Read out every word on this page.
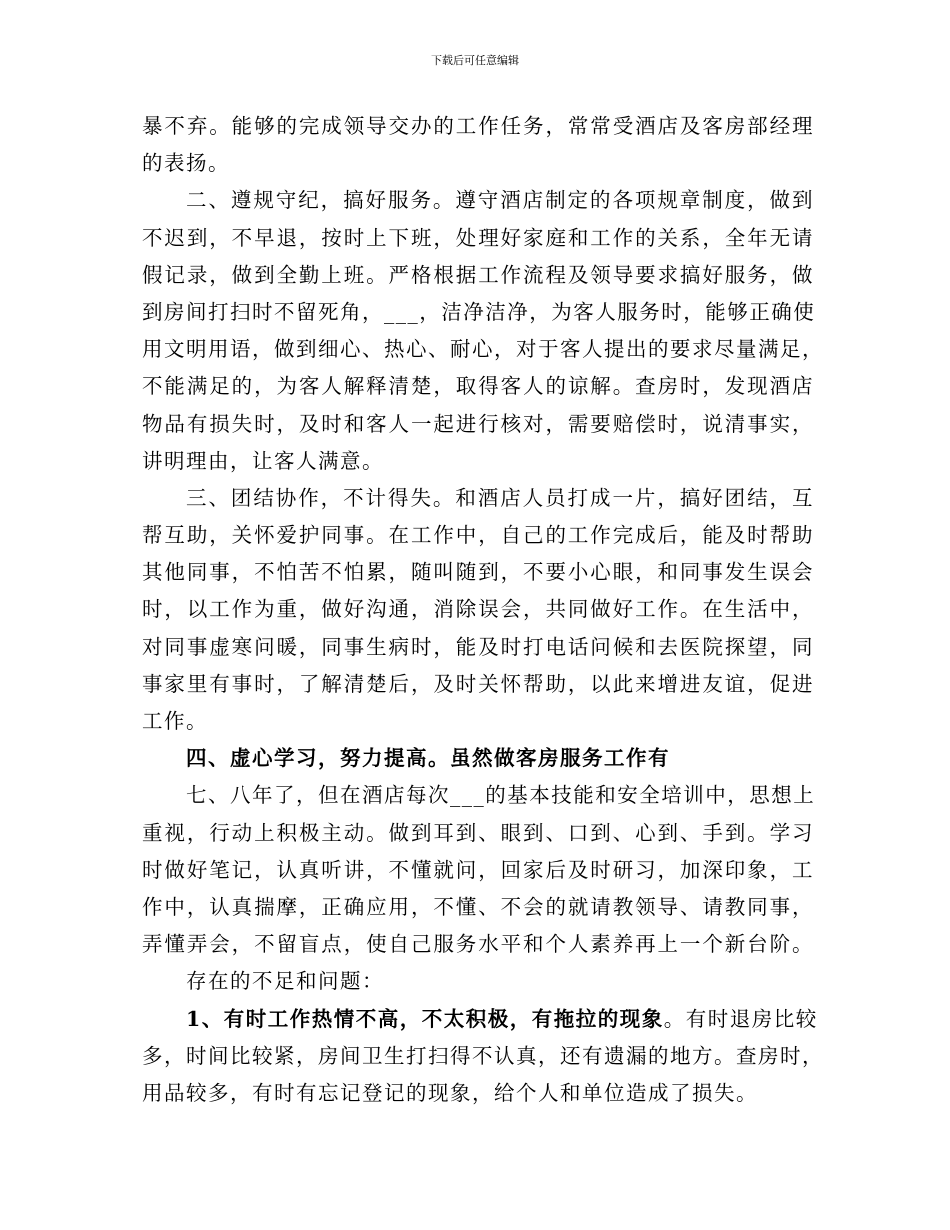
下载后可任意编辑
暴不弃。能够的完成领导交办的工作任务，常常受酒店及客房部经理
的表扬。
二、遵规守纪，搞好服务。遵守酒店制定的各项规章制度，做到
不迟到，不早退，按时上下班，处理好家庭和工作的关系，全年无请
假记录，做到全勤上班。严格根据工作流程及领导要求搞好服务，做
到房间打扫时不留死角，___，洁净洁净，为客人服务时，能够正确使
用文明用语，做到细心、热心、耐心，对于客人提出的要求尽量满足，
不能满足的，为客人解释清楚，取得客人的谅解。查房时，发现酒店
物品有损失时，及时和客人一起进行核对，需要赔偿时，说清事实，
讲明理由，让客人满意。
三、团结协作，不计得失。和酒店人员打成一片，搞好团结，互
帮互助，关怀爱护同事。在工作中，自己的工作完成后，能及时帮助
其他同事，不怕苦不怕累，随叫随到，不要小心眼，和同事发生误会
时，以工作为重，做好沟通，消除误会，共同做好工作。在生活中，
对同事虚寒问暖，同事生病时，能及时打电话问候和去医院探望，同
事家里有事时，了解清楚后，及时关怀帮助，以此来增进友谊，促进
工作。
四、虚心学习，努力提高。虽然做客房服务工作有
七、八年了，但在酒店每次___的基本技能和安全培训中，思想上
重视，行动上积极主动。做到耳到、眼到、口到、心到、手到。学习
时做好笔记，认真听讲，不懂就问，回家后及时研习，加深印象，工
作中，认真揣摩，正确应用，不懂、不会的就请教领导、请教同事，
弄懂弄会，不留盲点，使自己服务水平和个人素养再上一个新台阶。
存在的不足和问题：
1、有时工作热情不高，不太积极，有拖拉的现象。有时退房比较
多，时间比较紧，房间卫生打扫得不认真，还有遗漏的地方。查房时，
用品较多，有时有忘记登记的现象，给个人和单位造成了损失。
